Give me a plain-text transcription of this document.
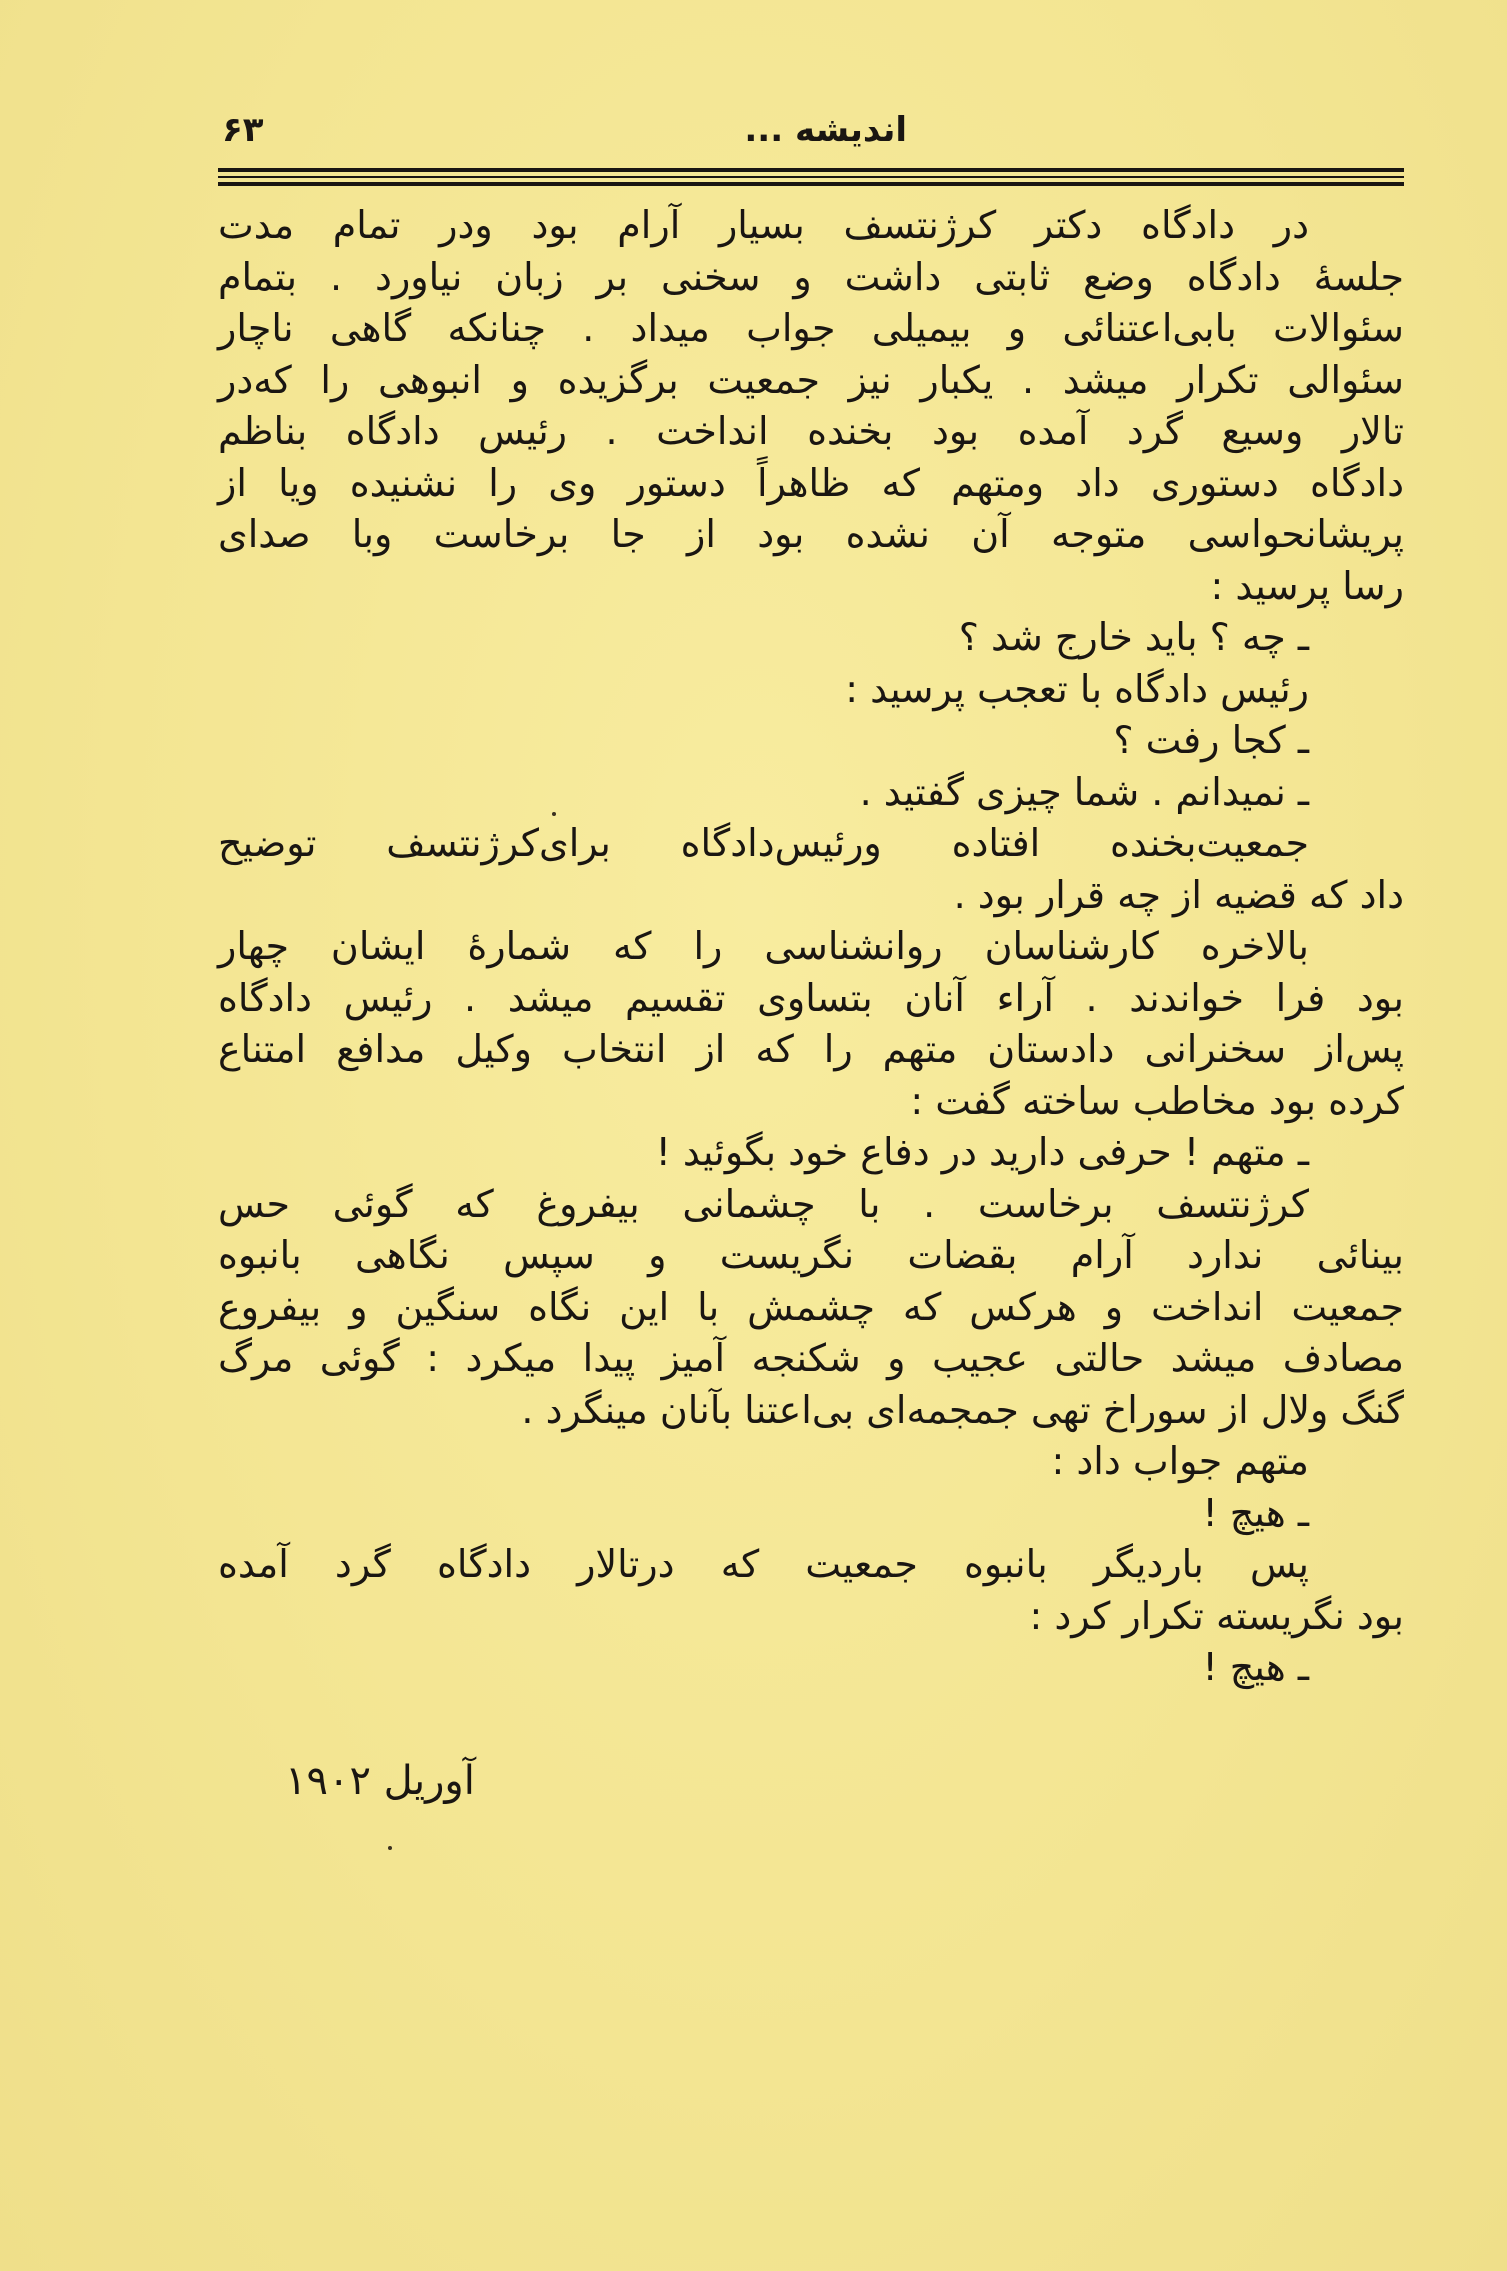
اندیشه ...
۶۳
در دادگاه دکتر کرژنتسف بسیار آرام بود ودر تمام مدت
جلسهٔ دادگاه وضع ثابتی داشت و سخنی بر زبان نیاورد . بتمام
سئوالات بابی‌اعتنائی و بیمیلی جواب میداد . چنانکه گاهی ناچار
سئوالی تکرار میشد . یکبار نیز جمعیت برگزیده و انبوهی را که‌در
تالار وسیع گرد آمده بود بخنده انداخت . رئیس دادگاه بناظم
دادگاه دستوری داد ومتهم که ظاهراً دستور وی را نشنیده ویا از
پریشانحواسی متوجه آن نشده بود از جا برخاست وبا صدای
رسا پرسید :
ـ چه ؟ باید خارج شد ؟
رئیس دادگاه با تعجب پرسید :
ـ کجا رفت ؟
ـ نمیدانم . شما چیزی گفتید .
جمعیت‌بخنده افتاده ورئیس‌دادگاه برای‌کرژنتسف توضیح
داد که قضیه از چه قرار بود .
بالاخره کارشناسان روانشناسی را که شمارهٔ ایشان چهار
بود فرا خواندند . آراء آنان بتساوی تقسیم میشد . رئیس دادگاه
پس‌از سخنرانی دادستان متهم را که از انتخاب وکیل مدافع امتناع
کرده بود مخاطب ساخته گفت :
ـ متهم ! حرفی دارید در دفاع خود بگوئید !
کرژنتسف برخاست . با چشمانی بیفروغ که گوئی حس
بینائی ندارد آرام بقضات نگریست و سپس نگاهی بانبوه
جمعیت انداخت و هرکس که چشمش با این نگاه سنگین و بیفروع
مصادف میشد حالتی عجیب و شکنجه آمیز پیدا میکرد : گوئی مرگ
گنگ ولال از سوراخ تهی جمجمه‌ای بی‌اعتنا بآنان مینگرد .
متهم جواب داد :
ـ هیچ !
پس باردیگر بانبوه جمعیت که درتالار دادگاه گرد آمده
بود نگریسته تکرار کرد :
ـ هیچ !
آوریل ۱۹۰۲
